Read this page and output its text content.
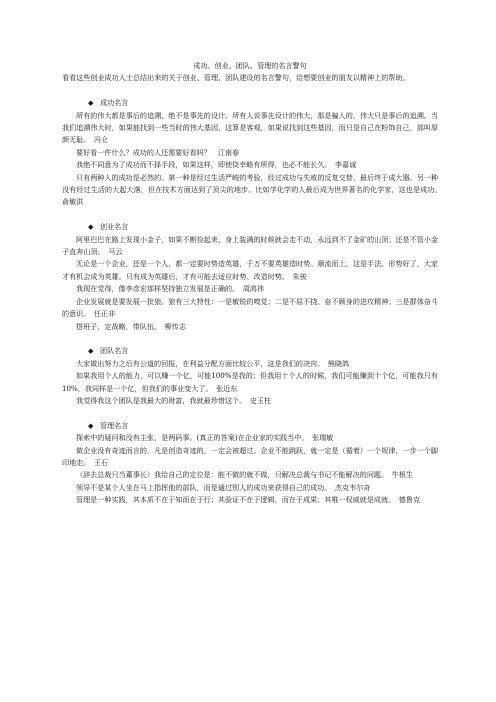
成功、创业、团队、管理的名言警句

看看这些创业成功人士总结出来的关于创业、管理、团队建设的名言警句，给想要创业的朋友以精神上的帮助。

◆ 成功名言

所有的伟大都是事后的追溯，绝不是事先的设计。所有人说事先设计的伟大，那是骗人的，伟大只是事后的追溯。当我们追溯伟大时，如果能找到一些当时的伟大基因，这算是客观，如果说找到这些基因，而只是自己在粉饰自己，那叫厚颜无耻。　冯仑

要好看一件什么？成功的人还需要好看吗？　江南春

我绝不同意为了成功而不择手段，如果这样，即使侥幸略有所得，也必不能长久。　李嘉诚

只有两种人的成功是必然的。第一种是经过生活严峻的考验，经过成功与失败的反复交替，最后终于成大器。另一种没有经过生活的大起大落，但在技术方面达到了顶尖的地步。比如学化学的人最后成为世界著名的化学家，这也是成功。　俞敏洪

◆ 创业名言

阿里巴巴在路上发现小金子，如果不断捡起来，身上装满的时候就会走不动，永远到不了金矿的山顶；还是不管小金子直奔山顶。　马云

无论是一个企业，还是一个人，都一定要时势造英雄，千万不要英雄造时势。顺流而上，这是手法、形势好了，大家才有机会成为英雄。只有成为英雄后，才有可能去适应时势、改造时势。　朱骏

我现在觉得，像李彦宏那样坚持独立发展是正确的。　周鸿祎

企业发展就是要发展一批狼。狼有三大特性：一是敏锐的嗅觉；二是不屈不挠、奋不顾身的进攻精神；三是群体奋斗的意识。　任正非

搭班子，定战略，带队伍。　柳传志

◆ 团队名言

大家做出努力之后有公道的回报，在利益分配方面比较公平，这是我们的决窍。　熊晓鸽

如果我用个人的能力，可以赚一个亿，可能100%是我的；但我用十个人的时候，我们可能赚到十个亿，可能我只有10%，我同样是一个亿，但我们的事业变大了。　张近东

我觉得我这个团队是我最大的财富，我就最珍惜这个。　史玉柱

◆ 管理名言

探索中的疑问和没有主张，是两码事。(真正的答案)在企业家的实践当中。　张瑞敏

做企业没有奇迹而言的，凡是创造奇迹的，一定会被超过。企业不能跳跃，就一定是（循着）一个规律，一步一个脚印地走。　王石

（辞去总裁只当董事长）我给自己的定位是：能不做的就不做，只解决总裁与书记不能解决的问题。　牛根生

领导不是某个人坐在马上指挥他的部队，而是通过别人的成功来获得自己的成功。　杰克韦尔奇

管理是一种实践，其本质不在于知而在于行；其验证不在于逻辑，而在于成果；其唯一权威就是成就。　德鲁克
